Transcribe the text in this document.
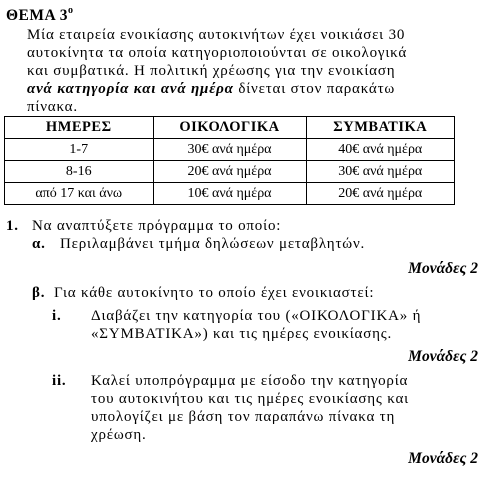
ΘΕΜΑ $3^o$
Μία εταιρεία ενοικίασης αυτοκινήτων έχει νοικιάσει 30
αυτοκίνητα τα οποία κατηγοριοποιούνται σε οικολογικά
και συμβατικά. Η πολιτική χρέωσης για την ενοικίαση
ανά κατηγορία και ανά ημέρα δίνεται στον παρακάτω
πίνακα.
ΗΜΕΡΕΣ	ΟΙΚΟΛΟΓΙΚΑ	ΣΥΜΒΑΤΙΚΑ
1-7	30€ ανά ημέρα	40€ ανά ημέρα
8-16	20€ ανά ημέρα	30€ ανά ημέρα
από 17 και άνω	10€ ανά ημέρα	20€ ανά ημέρα
1. Να αναπτύξετε πρόγραμμα το οποίο:
α. Περιλαμβάνει τμήμα δηλώσεων μεταβλητών.
Μονάδες 2
β. Για κάθε αυτοκίνητο το οποίο έχει ενοικιαστεί:
i. Διαβάζει την κατηγορία του («ΟΙΚΟΛΟΓΙΚΑ» ή
«ΣΥΜΒΑΤΙΚΑ») και τις ημέρες ενοικίασης.
Μονάδες 2
ii. Καλεί υποπρόγραμμα με είσοδο την κατηγορία
του αυτοκινήτου και τις ημέρες ενοικίασης και
υπολογίζει με βάση τον παραπάνω πίνακα τη
χρέωση.
Μονάδες 2
